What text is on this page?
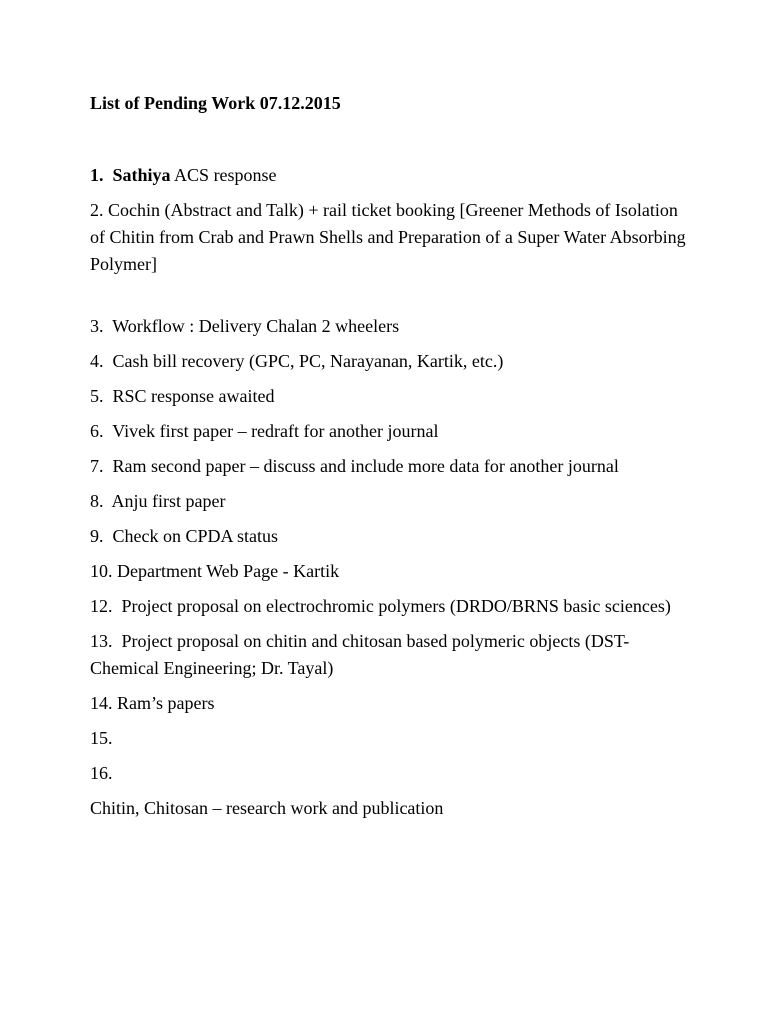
List of Pending Work 07.12.2015
1. Sathiya ACS response
2. Cochin (Abstract and Talk) + rail ticket booking [Greener Methods of Isolation of Chitin from Crab and Prawn Shells and Preparation of a Super Water Absorbing Polymer]
3. Workflow : Delivery Chalan 2 wheelers
4. Cash bill recovery (GPC, PC, Narayanan, Kartik, etc.)
5. RSC response awaited
6. Vivek first paper – redraft for another journal
7. Ram second paper – discuss and include more data for another journal
8. Anju first paper
9. Check on CPDA status
10. Department Web Page - Kartik
12. Project proposal on electrochromic polymers (DRDO/BRNS basic sciences)
13. Project proposal on chitin and chitosan based polymeric objects (DST- Chemical Engineering; Dr. Tayal)
14. Ram’s papers
15.
16.
Chitin, Chitosan – research work and publication
